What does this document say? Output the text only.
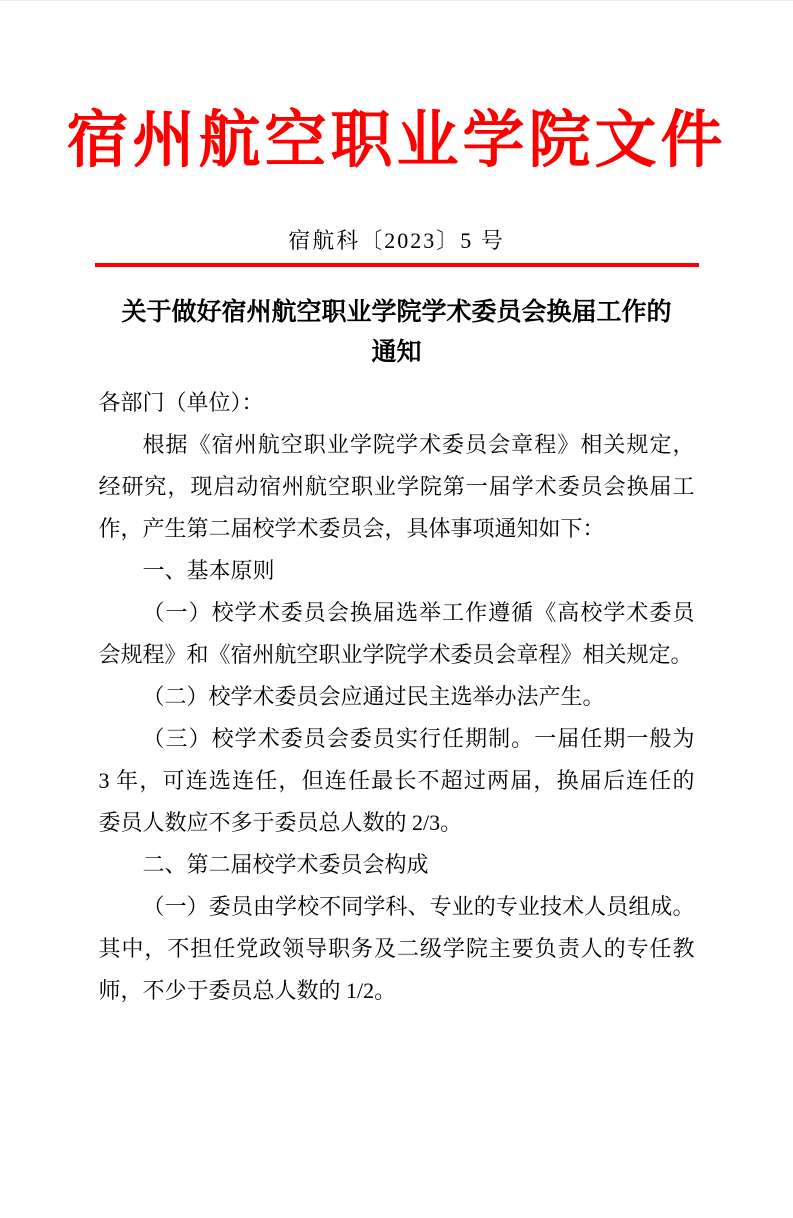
宿州航空职业学院文件
宿航科〔2023〕5 号
关于做好宿州航空职业学院学术委员会换届工作的通知
各部门（单位）：
根据《宿州航空职业学院学术委员会章程》相关规定，
经研究，现启动宿州航空职业学院第一届学术委员会换届工
作，产生第二届校学术委员会，具体事项通知如下：
一、基本原则
（一）校学术委员会换届选举工作遵循《高校学术委员
会规程》和《宿州航空职业学院学术委员会章程》相关规定。
（二）校学术委员会应通过民主选举办法产生。
（三）校学术委员会委员实行任期制。一届任期一般为
3 年，可连选连任，但连任最长不超过两届，换届后连任的
委员人数应不多于委员总人数的 2/3。
二、第二届校学术委员会构成
（一）委员由学校不同学科、专业的专业技术人员组成。
其中，不担任党政领导职务及二级学院主要负责人的专任教
师，不少于委员总人数的 1/2。
